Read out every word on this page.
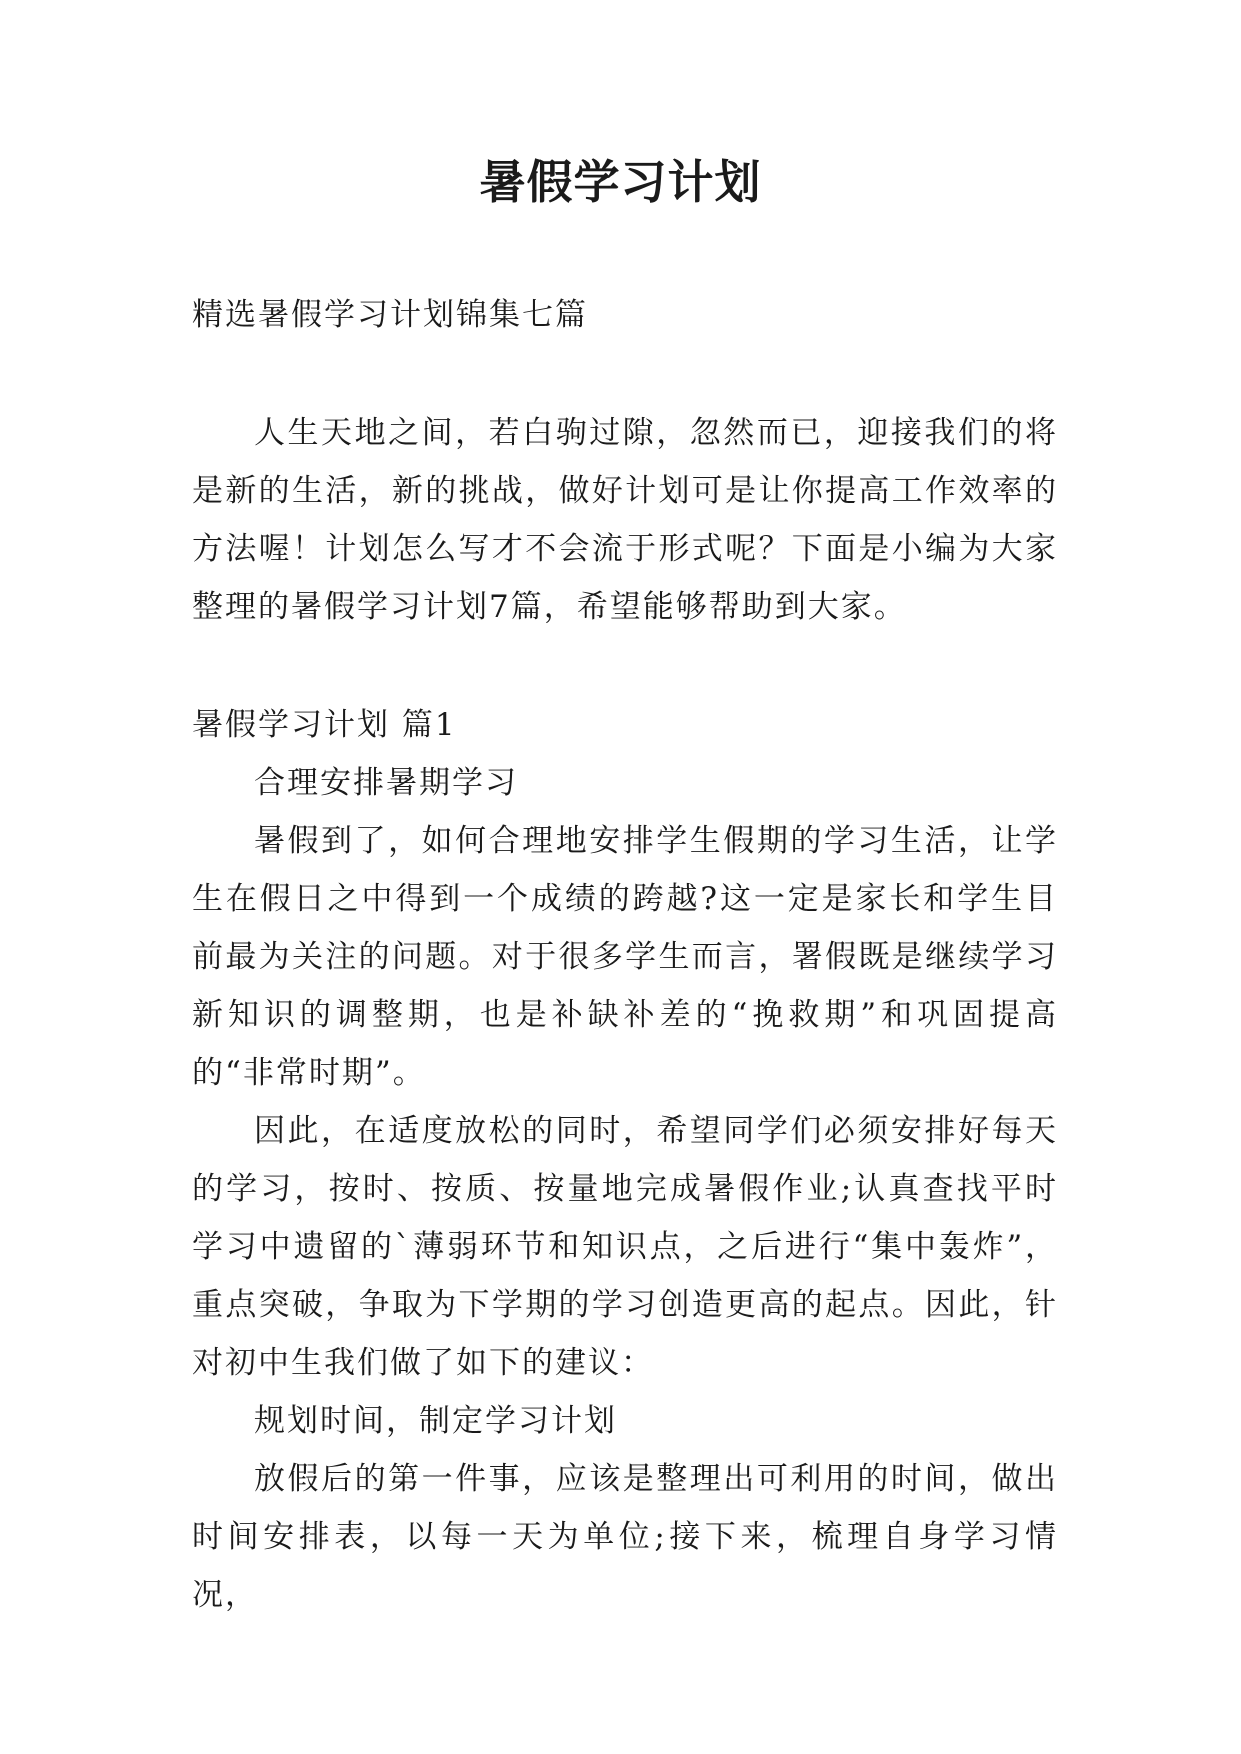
暑假学习计划

精选暑假学习计划锦集七篇

人生天地之间，若白驹过隙，忽然而已，迎接我们的将是新的生活，新的挑战，做好计划可是让你提高工作效率的方法喔！计划怎么写才不会流于形式呢？下面是小编为大家整理的暑假学习计划7篇，希望能够帮助到大家。

暑假学习计划 篇1

合理安排暑期学习

暑假到了，如何合理地安排学生假期的学习生活，让学生在假日之中得到一个成绩的跨越?这一定是家长和学生目前最为关注的问题。对于很多学生而言，署假既是继续学习新知识的调整期，也是补缺补差的“挽救期”和巩固提高的“非常时期”。

因此，在适度放松的同时，希望同学们必须安排好每天的学习，按时、按质、按量地完成暑假作业;认真查找平时学习中遗留的`薄弱环节和知识点，之后进行“集中轰炸”，重点突破，争取为下学期的学习创造更高的起点。因此，针对初中生我们做了如下的建议：

规划时间，制定学习计划

放假后的第一件事，应该是整理出可利用的时间，做出时间安排表，以每一天为单位;接下来，梳理自身学习情况，
